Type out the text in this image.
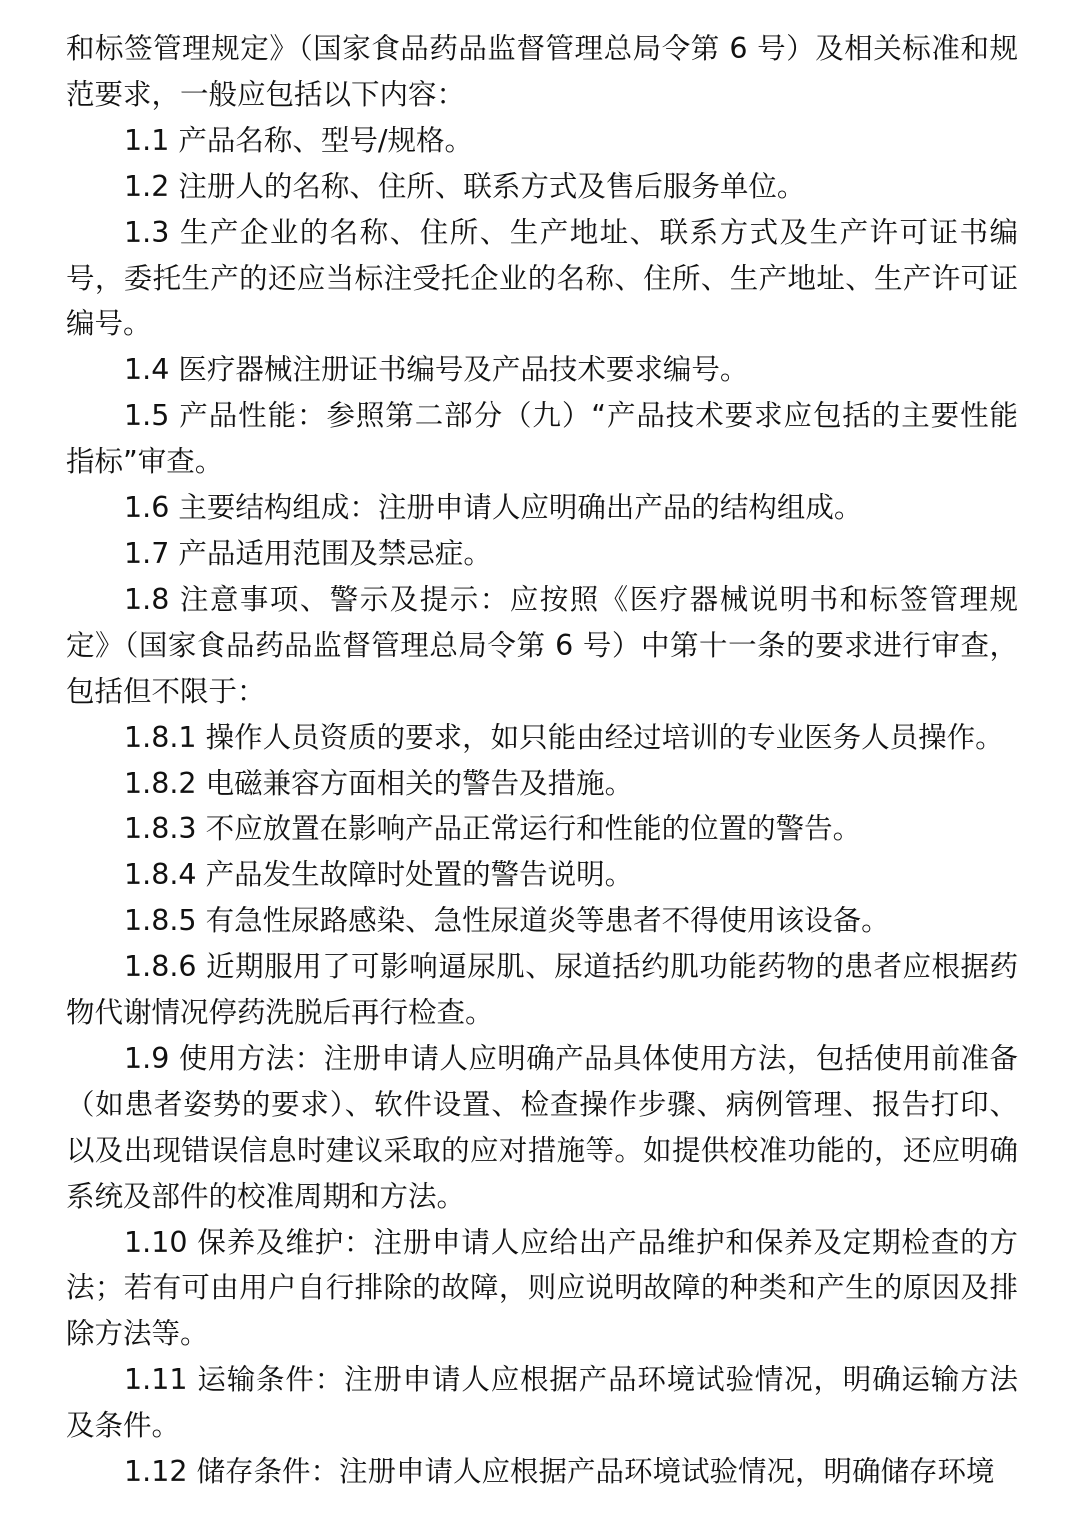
和标签管理规定》（国家食品药品监督管理总局令第 6 号）及相关标准和规范要求，一般应包括以下内容：

1.1 产品名称、型号/规格。

1.2 注册人的名称、住所、联系方式及售后服务单位。

1.3 生产企业的名称、住所、生产地址、联系方式及生产许可证书编号，委托生产的还应当标注受托企业的名称、住所、生产地址、生产许可证编号。

1.4 医疗器械注册证书编号及产品技术要求编号。

1.5 产品性能：参照第二部分（九）“产品技术要求应包括的主要性能指标”审查。

1.6 主要结构组成：注册申请人应明确出产品的结构组成。

1.7 产品适用范围及禁忌症。

1.8 注意事项、警示及提示：应按照《医疗器械说明书和标签管理规定》（国家食品药品监督管理总局令第 6 号）中第十一条的要求进行审查，包括但不限于：

1.8.1 操作人员资质的要求，如只能由经过培训的专业医务人员操作。

1.8.2 电磁兼容方面相关的警告及措施。

1.8.3 不应放置在影响产品正常运行和性能的位置的警告。

1.8.4 产品发生故障时处置的警告说明。

1.8.5 有急性尿路感染、急性尿道炎等患者不得使用该设备。

1.8.6 近期服用了可影响逼尿肌、尿道括约肌功能药物的患者应根据药物代谢情况停药洗脱后再行检查。

1.9 使用方法：注册申请人应明确产品具体使用方法，包括使用前准备（如患者姿势的要求）、软件设置、检查操作步骤、病例管理、报告打印、以及出现错误信息时建议采取的应对措施等。如提供校准功能的，还应明确系统及部件的校准周期和方法。

1.10 保养及维护：注册申请人应给出产品维护和保养及定期检查的方法；若有可由用户自行排除的故障，则应说明故障的种类和产生的原因及排除方法等。

1.11 运输条件：注册申请人应根据产品环境试验情况，明确运输方法及条件。

1.12 储存条件：注册申请人应根据产品环境试验情况，明确储存环境
